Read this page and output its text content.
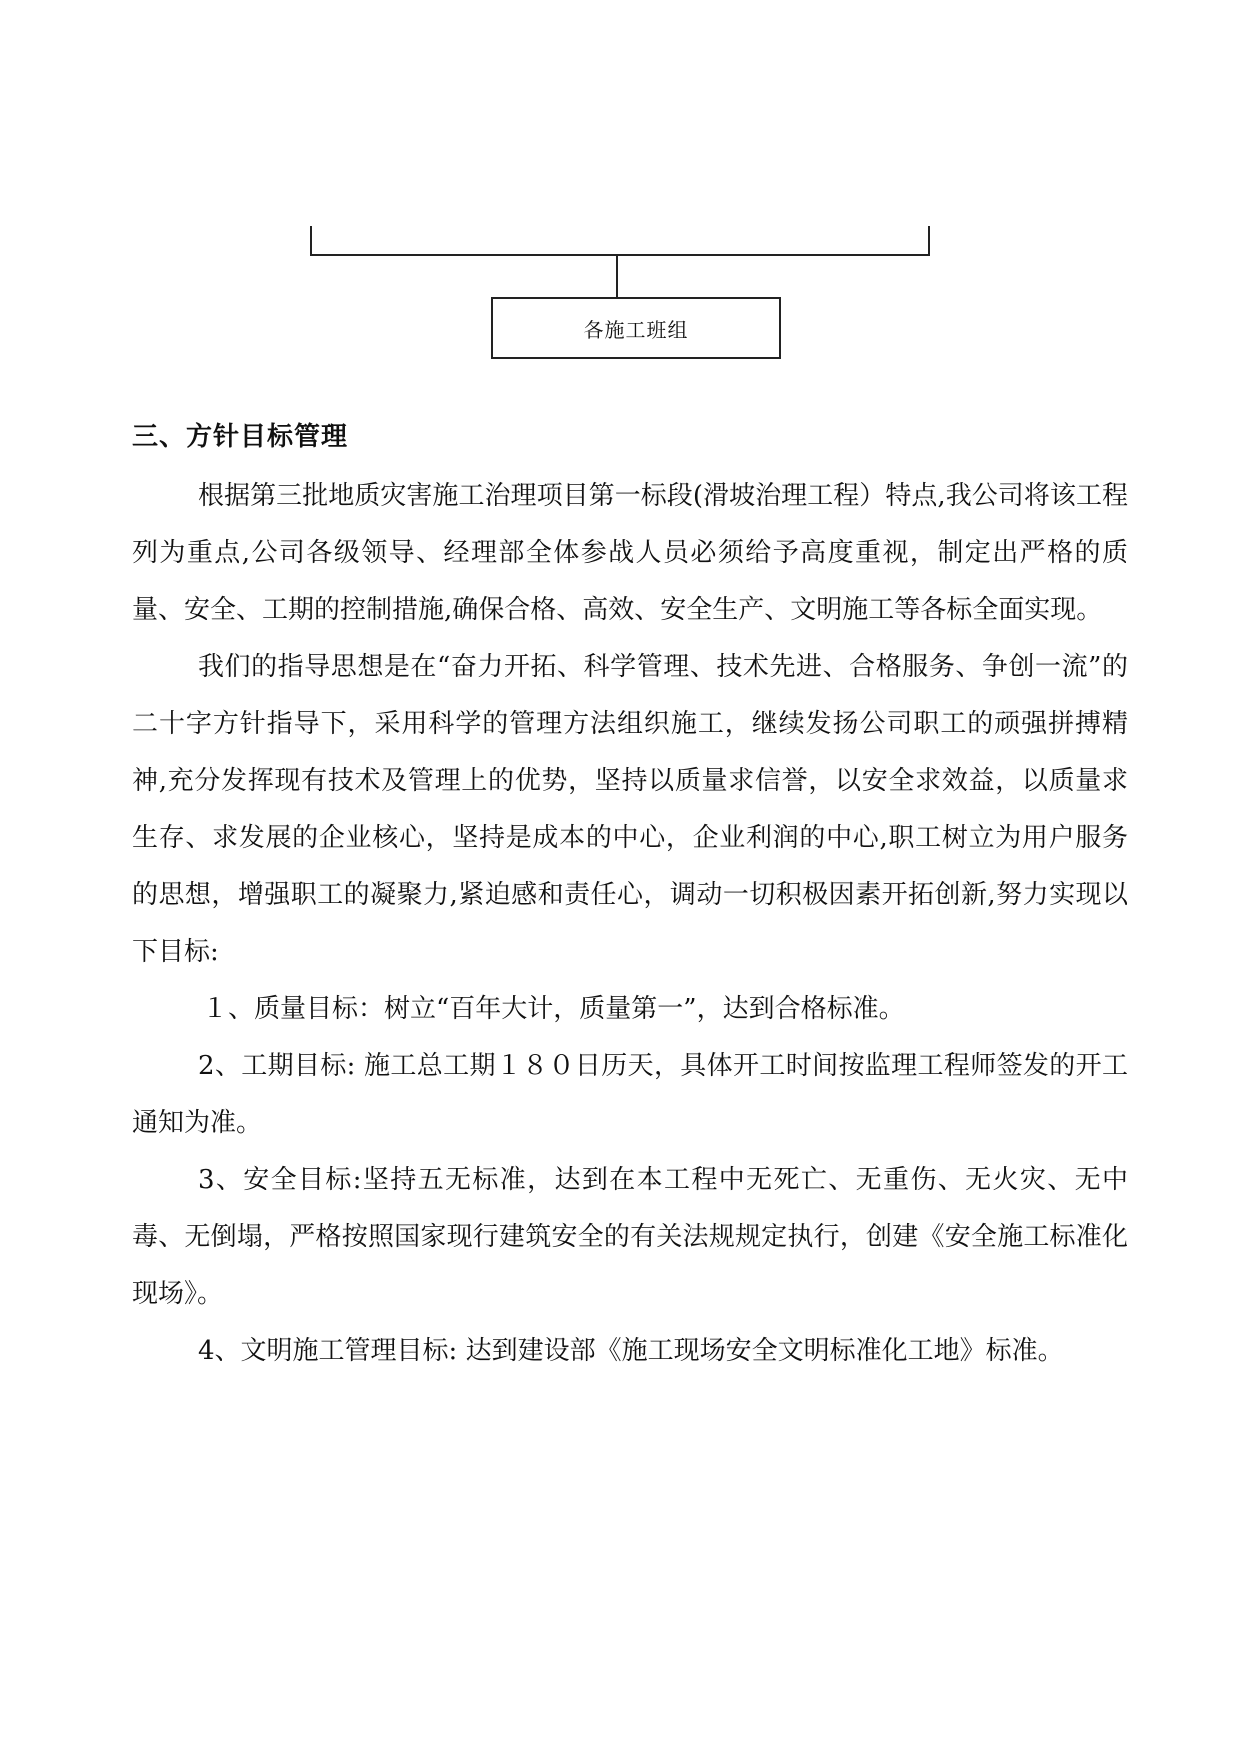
各施工班组
三、方针目标管理

根据第三批地质灾害施工治理项目第一标段(滑坡治理工程）特点,我公司将该工程列为重点,公司各级领导、经理部全体参战人员必须给予高度重视，制定出严格的质量、安全、工期的控制措施,确保合格、高效、安全生产、文明施工等各标全面实现。

我们的指导思想是在“奋力开拓、科学管理、技术先进、合格服务、争创一流”的二十字方针指导下，采用科学的管理方法组织施工，继续发扬公司职工的顽强拼搏精神,充分发挥现有技术及管理上的优势，坚持以质量求信誉，以安全求效益，以质量求生存、求发展的企业核心，坚持是成本的中心，企业利润的中心,职工树立为用户服务的思想，增强职工的凝聚力,紧迫感和责任心，调动一切积极因素开拓创新,努力实现以下目标:

１、质量目标：树立“百年大计，质量第一”，达到合格标准。

2、工期目标: 施工总工期１８０日历天，具体开工时间按监理工程师签发的开工通知为准。

3、安全目标:坚持五无标准，达到在本工程中无死亡、无重伤、无火灾、无中毒、无倒塌，严格按照国家现行建筑安全的有关法规规定执行，创建《安全施工标准化现场》。

4、文明施工管理目标: 达到建设部《施工现场安全文明标准化工地》标准。
